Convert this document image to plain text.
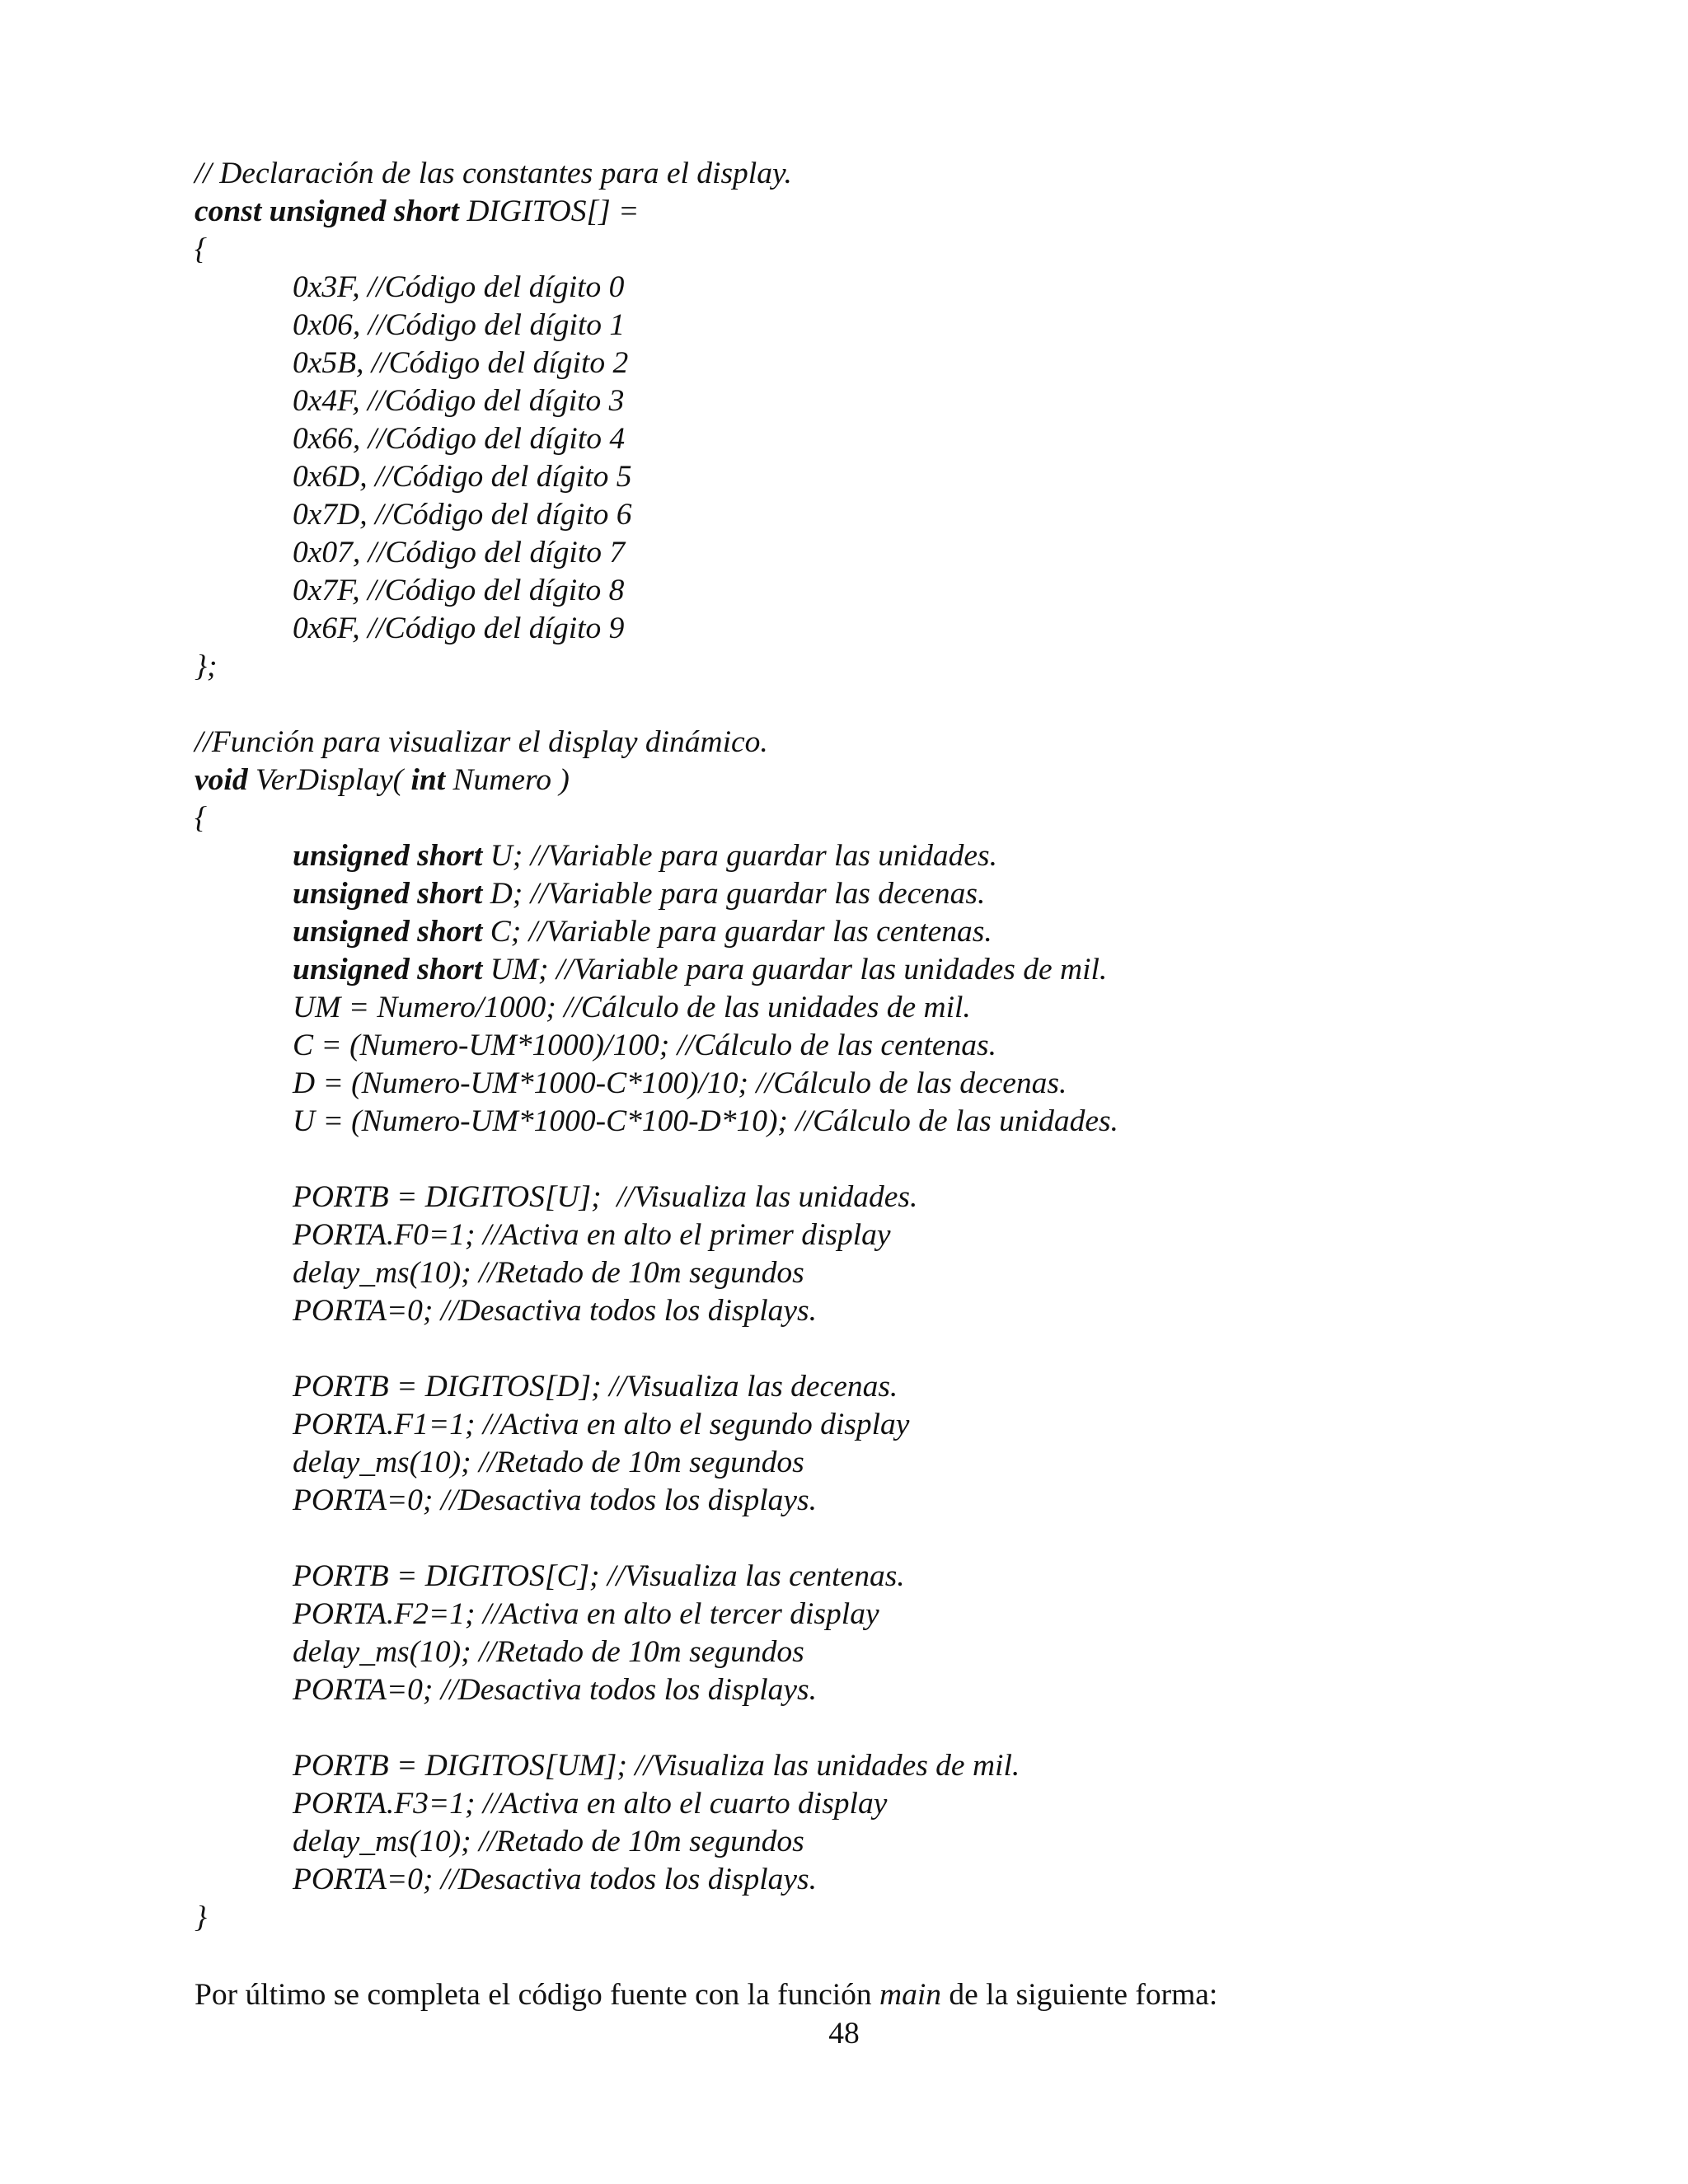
// Declaración de las constantes para el display.
const unsigned short DIGITOS[] =
{
0x3F, //Código del dígito 0
0x06, //Código del dígito 1
0x5B, //Código del dígito 2
0x4F, //Código del dígito 3
0x66, //Código del dígito 4
0x6D, //Código del dígito 5
0x7D, //Código del dígito 6
0x07, //Código del dígito 7
0x7F, //Código del dígito 8
0x6F, //Código del dígito 9
};
//Función para visualizar el display dinámico.
void VerDisplay( int Numero )
{
unsigned short U; //Variable para guardar las unidades.
unsigned short D; //Variable para guardar las decenas.
unsigned short C; //Variable para guardar las centenas.
unsigned short UM; //Variable para guardar las unidades de mil.
UM = Numero/1000; //Cálculo de las unidades de mil.
C = (Numero-UM*1000)/100; //Cálculo de las centenas.
D = (Numero-UM*1000-C*100)/10; //Cálculo de las decenas.
U = (Numero-UM*1000-C*100-D*10); //Cálculo de las unidades.
PORTB = DIGITOS[U];  //Visualiza las unidades.
PORTA.F0=1; //Activa en alto el primer display
delay_ms(10); //Retado de 10m segundos
PORTA=0; //Desactiva todos los displays.
PORTB = DIGITOS[D]; //Visualiza las decenas.
PORTA.F1=1; //Activa en alto el segundo display
delay_ms(10); //Retado de 10m segundos
PORTA=0; //Desactiva todos los displays.
PORTB = DIGITOS[C]; //Visualiza las centenas.
PORTA.F2=1; //Activa en alto el tercer display
delay_ms(10); //Retado de 10m segundos
PORTA=0; //Desactiva todos los displays.
PORTB = DIGITOS[UM]; //Visualiza las unidades de mil.
PORTA.F3=1; //Activa en alto el cuarto display
delay_ms(10); //Retado de 10m segundos
PORTA=0; //Desactiva todos los displays.
}
Por último se completa el código fuente con la función main de la siguiente forma:
48
